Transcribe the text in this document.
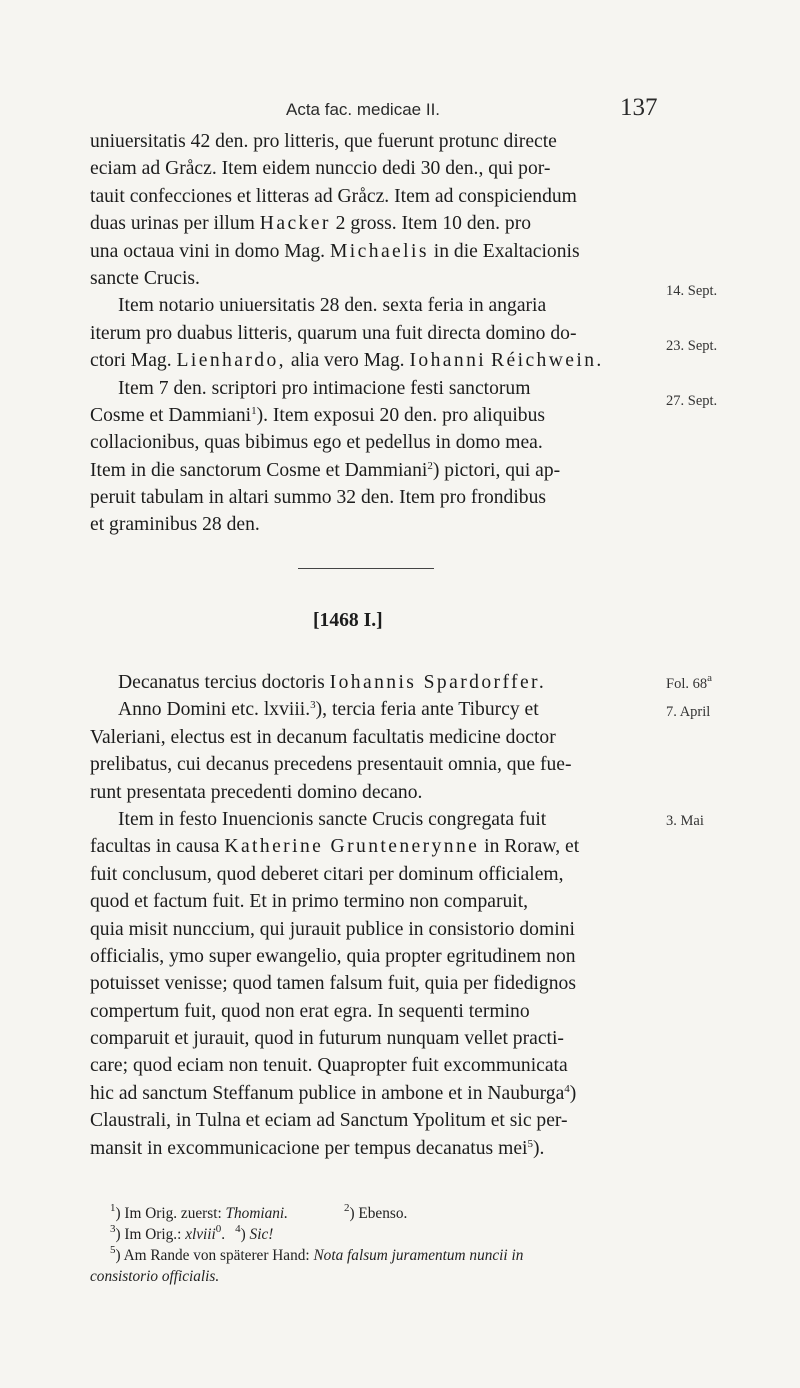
Acta fac. medicae II.	137
uniuersitatis 42 den. pro litteris, que fuerunt protunc directe
eciam ad Gråcz. Item eidem nunccio dedi 30 den., qui por-
tauit confecciones et litteras ad Gråcz. Item ad conspiciendum
duas urinas per illum Hacker 2 gross. Item 10 den. pro
una octaua vini in domo Mag. Michaelis in die Exaltacionis
sancte Crucis.
Item notario uniuersitatis 28 den. sexta feria in angaria
iterum pro duabus litteris, quarum una fuit directa domino do-
ctori Mag. Lienhardo, alia vero Mag. Iohanni Réichwein.
Item 7 den. scriptori pro intimacione festi sanctorum
Cosme et Dammiani$^1$). Item exposui 20 den. pro aliquibus
collacionibus, quas bibimus ego et pedellus in domo mea.
Item in die sanctorum Cosme et Dammiani$^2$) pictori, qui ap-
peruit tabulam in altari summo 32 den. Item pro frondibus
et graminibus 28 den.
[1468 I.]
Decanatus tercius doctoris Iohannis Spardorffer.
Anno Domini etc. lxviii.$^3$), tercia feria ante Tiburcy et
Valeriani, electus est in decanum facultatis medicine doctor
prelibatus, cui decanus precedens presentauit omnia, que fue-
runt presentata precedenti domino decano.
Item in festo Inuencionis sancte Crucis congregata fuit
facultas in causa Katherine Gruntenerynne in Roraw, et
fuit conclusum, quod deberet citari per dominum officialem,
quod et factum fuit. Et in primo termino non comparuit,
quia misit nunccium, qui jurauit publice in consistorio domini
officialis, ymo super ewangelio, quia propter egritudinem non
potuisset venisse; quod tamen falsum fuit, quia per fidedignos
compertum fuit, quod non erat egra. In sequenti termino
comparuit et jurauit, quod in futurum nunquam vellet practi-
care; quod eciam non tenuit. Quapropter fuit excommunicata
hic ad sanctum Steffanum publice in ambone et in Nauburga$^4$)
Claustrali, in Tulna et eciam ad Sanctum Ypolitum et sic per-
mansit in excommunicacione per tempus decanatus mei$^5$).
14. Sept.
23. Sept.
27. Sept.
Fol. 68$^a$
7. April
3. Mai
$^1$) Im Orig. zuerst: Thomiani.	$^2$) Ebenso.
$^3$) Im Orig.: xlviii$^0$. $^4$) Sic!
$^5$) Am Rande von späterer Hand: Nota falsum juramentum nuncii in
consistorio officialis.
